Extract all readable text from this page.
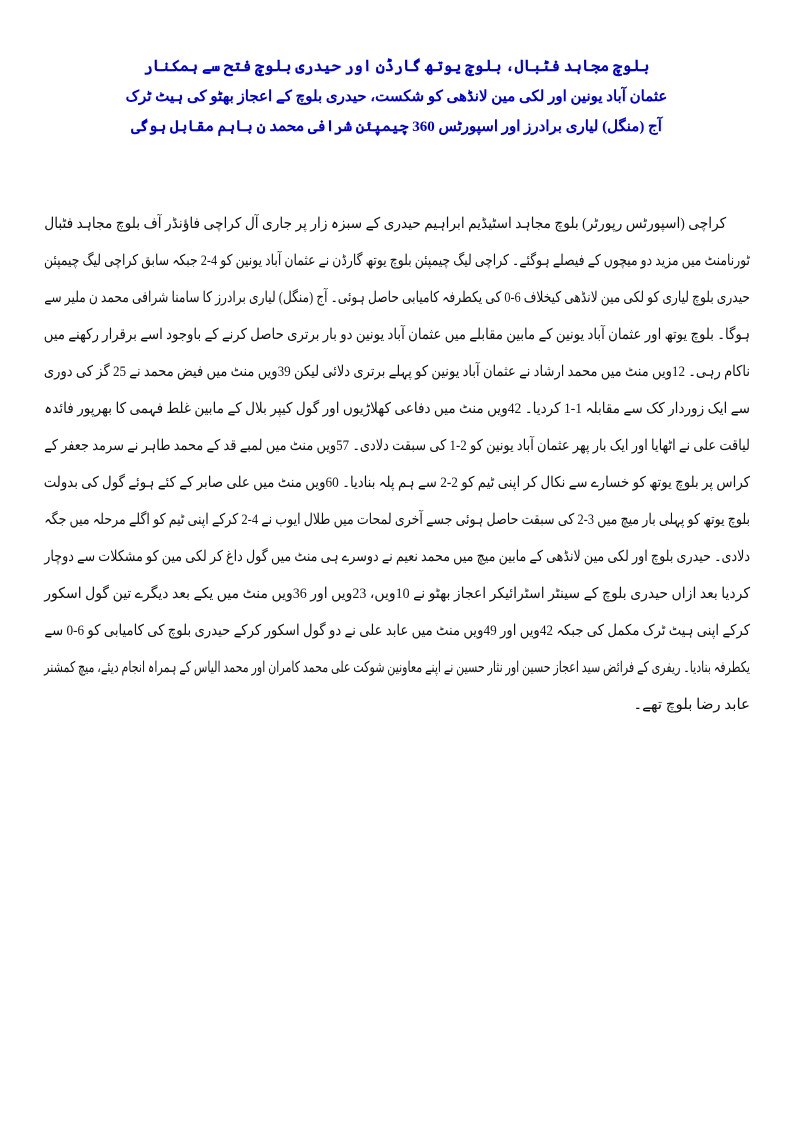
بلوچ مجاہد فٹبال، بلوچ یوتھ گارڈن اور حیدری بلوچ فتح سے ہمکنار
عثمان آباد یونین اور لکی مین لانڈھی کو شکست، حیدری بلوچ کے اعجاز بھٹو کی ہیٹ ٹرک
آج (منگل) لیاری برادرز اور اسپورٹس 360 چیمپئن شرافی محمد ن باہم مقابل ہوگی

کراچی (اسپورٹس رپورٹر) بلوچ مجاہد اسٹیڈیم ابراہیم حیدری کے سبزہ زار پر جاری آل کراچی فاؤنڈر آف بلوچ مجاہد فٹبال
ٹورنامنٹ میں مزید دو میچوں کے فیصلے ہوگئے۔ کراچی لیگ چیمپئن بلوچ یوتھ گارڈن نے عثمان آباد یونین کو 4-2 جبکہ سابق کراچی لیگ چیمپئن
حیدری بلوچ لیاری کو لکی مین لانڈھی کیخلاف 6-0 کی یکطرفہ کامیابی حاصل ہوئی۔ آج (منگل) لیاری برادرز کا سامنا شرافی محمد ن ملیر سے
ہوگا۔ بلوچ یوتھ اور عثمان آباد یونین کے مابین مقابلے میں عثمان آباد یونین دو بار برتری حاصل کرنے کے باوجود اسے برقرار رکھنے میں
ناکام رہی۔ 12ویں منٹ میں محمد ارشاد نے عثمان آباد یونین کو پہلے برتری دلائی لیکن 39ویں منٹ میں فیض محمد نے 25 گز کی دوری
سے ایک زوردار کک سے مقابلہ 1-1 کردیا۔ 42ویں منٹ میں دفاعی کھلاڑیوں اور گول کیپر بلال کے مابین غلط فہمی کا بھرپور فائدہ
لیاقت علی نے اٹھایا اور ایک بار پھر عثمان آباد یونین کو 2-1 کی سبقت دلادی۔ 57ویں منٹ میں لمبے قد کے محمد طاہر نے سرمد جعفر کے
کراس پر بلوچ یوتھ کو خسارے سے نکال کر اپنی ٹیم کو 2-2 سے ہم پلہ بنادیا۔ 60ویں منٹ میں علی صابر کے کئے ہوئے گول کی بدولت
بلوچ یوتھ کو پہلی بار میچ میں 3-2 کی سبقت حاصل ہوئی جسے آخری لمحات میں طلال ایوب نے 4-2 کرکے اپنی ٹیم کو اگلے مرحلہ میں جگہ
دلادی۔ حیدری بلوچ اور لکی مین لانڈھی کے مابین میچ میں محمد نعیم نے دوسرے ہی منٹ میں گول داغ کر لکی مین کو مشکلات سے دوچار
کردیا بعد ازاں حیدری بلوچ کے سینٹر اسٹرائیکر اعجاز بھٹو نے 10ویں، 23ویں اور 36ویں منٹ میں یکے بعد دیگرے تین گول اسکور
کرکے اپنی ہیٹ ٹرک مکمل کی جبکہ 42ویں اور 49ویں منٹ میں عابد علی نے دو گول اسکور کرکے حیدری بلوچ کی کامیابی کو 6-0 سے
یکطرفہ بنادیا۔ ریفری کے فرائض سید اعجاز حسین اور نثار حسین نے اپنے معاونین شوکت علی محمد کامران اور محمد الیاس کے ہمراہ انجام دیئے، میچ کمشنر
عابد رضا بلوچ تھے۔
